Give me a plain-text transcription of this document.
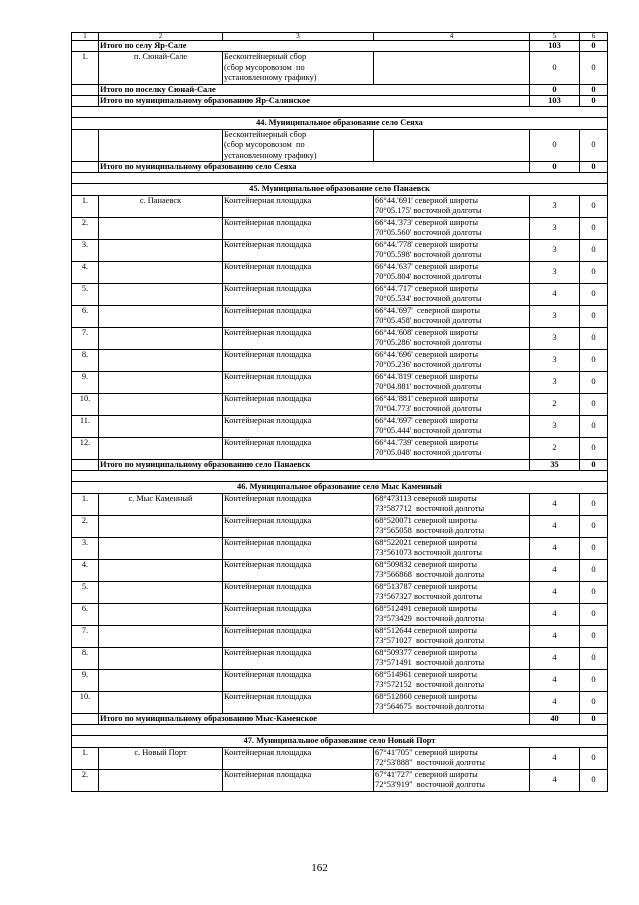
1	2	3	4	5	6
	Итого по селу Яр-Сале			103	0
1.	п. Сюнай-Сале	Бесконтейнерный сбор
(сбор мусоровозом  по
установленному графику)		0	0
	Итого по поселку Сюнай-Сале			0	0
	Итого по муниципальному образованию Яр-Салинское			103	0

44. Муниципальное образование село Сеяха					
		Бесконтейнерный сбор
(сбор мусоровозом  по
установленному графику)		0	0
	Итого по муниципальному образованию село Сеяха			0	0

45. Муниципальное образование село Панаевск					
1.	с. Панаевск	Контейнерная площадка	66°44.'691' северной широты
70°05.175' восточной долготы	3	0
2.		Контейнерная площадка	66°44.'373' северной широты
70°05.560' восточной долготы	3	0
3.		Контейнерная площадка	66°44.'778' северной широты
70°05.598' восточной долготы	3	0
4.		Контейнерная площадка	66°44.'637' северной широты
70°05.804' восточной долготы	3	0
5.		Контейнерная площадка	66°44.'717' северной широты
70°05.534' восточной долготы	4	0
6.		Контейнерная площадка	66°44.'697'  северной широты
70°05.458' восточной долготы	3	0
7.		Контейнерная площадка	66°44.'608' северной широты
70°05.286' восточной долготы	3	0
8.		Контейнерная площадка	66°44.'696' северной широты
70°05.236' восточной долготы	3	0
9.		Контейнерная площадка	66°44.'819' северной широты
70°04.881' восточной долготы	3	0
10.		Контейнерная площадка	66°44.'881' северной широты
70°04.773' восточной долготы	2	0
11.		Контейнерная площадка	66°44.'697' северной широты
70°05.444' восточной долготы	3	0
12.		Контейнерная площадка	66°44.'739' северной широты
70°05.048' восточной долготы	2	0
	Итого по муниципальному образованию село Панаевск			35	0

46. Муниципальное образование село Мыс Каменный					
1.	с. Мыс Каменный	Контейнерная площадка	68°473113 северной широты
73°587712  восточной долготы	4	0
2.		Контейнерная площадка	68°520071 северной широты
73°565058  восточной долготы	4	0
3.		Контейнерная площадка	68°522021 северной широты
73°561073 восточной долготы	4	0
4.		Контейнерная площадка	68°509832 северной широты
73°566868  восточной долготы	4	0
5.		Контейнерная площадка	68°513787 северной широты
73°567327 восточной долготы	4	0
6.		Контейнерная площадка	68°512491 северной широты
73°573429  восточной долготы	4	0
7.		Контейнерная площадка	68°512644 северной широты
73°571027  восточной долготы	4	0
8.		Контейнерная площадка	68°509377 северной широты
73°571491  восточной долготы	4	0
9.		Контейнерная площадка	68°514961 северной широты
73°572152  восточной долготы	4	0
10.		Контейнерная площадка	68°512860 северной широты
73°564675  восточной долготы	4	0
	Итого по муниципальному образованию Мыс-Каменское			40	0

47. Муниципальное образование село Новый Порт					
1.	с. Новый Порт	Контейнерная площадка	67°41'705" северной широты
72°53'888"  восточной долготы	4	0
2.		Контейнерная площадка	67°41'727" северной широты
72°53'919"  восточной долготы	4	0
162
